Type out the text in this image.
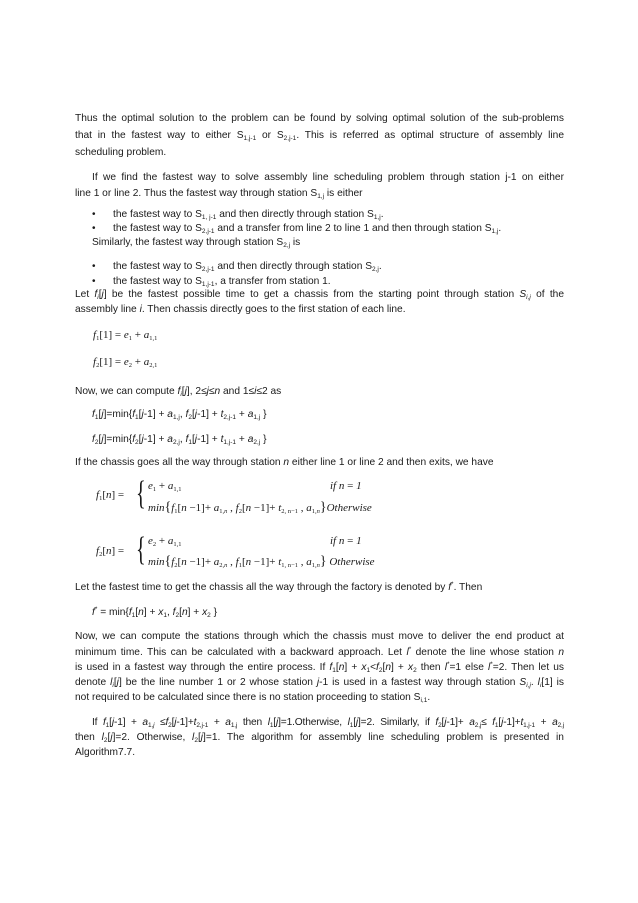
Thus the optimal solution to the problem can be found by solving optimal solution of the sub-problems
that in the fastest way to either $S_{1,j-1}$ or $S_{2,j-1}$. This is referred as optimal structure of assembly line
scheduling problem.
If we find the fastest way to solve assembly line scheduling problem through station j-1 on either
line 1 or line 2. Thus the fastest way through station $S_{1,j}$ is either
• the fastest way to $S_{1, j-1}$ and then directly through station $S_{1,j}$.
• the fastest way to $S_{2,j-1}$ and a transfer from line 2 to line 1 and then through station $S_{1,j}$.
Similarly, the fastest way through station $S_{2,j}$ is
• the fastest way to $S_{2,j-1}$ and then directly through station $S_{2,j}$.
• the fastest way to $S_{1,j-1}$, a transfer from station 1.
Let $f_i[j]$ be the fastest possible time to get a chassis from the starting point through station $S_{i,j}$ of the
assembly line i. Then chassis directly goes to the first station of each line.
$f_1[1] = e_1 + a_{1,1}$
$f_2[1] = e_2 + a_{2,1}$
Now, we can compute $f_i[j]$, 2≤j≤n and 1≤i≤2 as
$f_1[j]=\min\{f_1[j-1] + a_{1,j}$, $f_2[j-1] + t_{2,j-1} + a_{1,j}$ }
$f_2[j]=\min\{f_2[j-1] + a_{2,j}$, $f_1[j-1] + t_{1,j-1} + a_{2,j}$ }
If the chassis goes all the way through station n either line 1 or line 2 and then exits, we have
$f_1[n]$ = { $e_1 + a_{1,1}$	if n = 1
$\min\{f_1[n -1]+ a_{1,n}$ , $f_2[n -1]+ t_{2, n-1}$ , $a_{1,n}\}Otherwise$
$f_2[n]$ = { $e_2 + a_{1,1}$	if n = 1
$\min\{f_2[n -1]+ a_{2,n}$ , $f_1[n -1]+ t_{1, n-1}$ , $a_{1,n}$} Otherwise
Let the fastest time to get the chassis all the way through the factory is denoted by f*. Then
$f^* = \min\{f_1[n] + x_1$, $f_2[n] + x_2$ }
Now, we can compute the stations through which the chassis must move to deliver the end product at
minimum time. This can be calculated with a backward approach. Let l* denote the line whose station n
is used in a fastest way through the entire process. If $f_1[n] + x_1<f_2[n] + x_2$ then l*=1 else l*=2. Then let us
denote $l_i[j]$ be the line number 1 or 2 whose station j-1 is used in a fastest way through station $S_{i,j}$. $l_i[1]$ is
not required to be calculated since there is no station proceeding to station $S_{i,1}$.
If $f_1[j-1] + a_{1,j} \le f_2[j-1]+t_{2,j-1} + a_{1,j}$ then $l_1[j]=1.Otherwise$, $l_1[j]=2$. Similarly, if $f_2[j-1]+ a_{2,j}\le f_1[j-1]+t_{1,j-1} + a_{2,j}$
then $l_2[j]=2$. Otherwise, $l_2[j]=1$. The algorithm for assembly line scheduling problem is presented in
Algorithm7.7.
